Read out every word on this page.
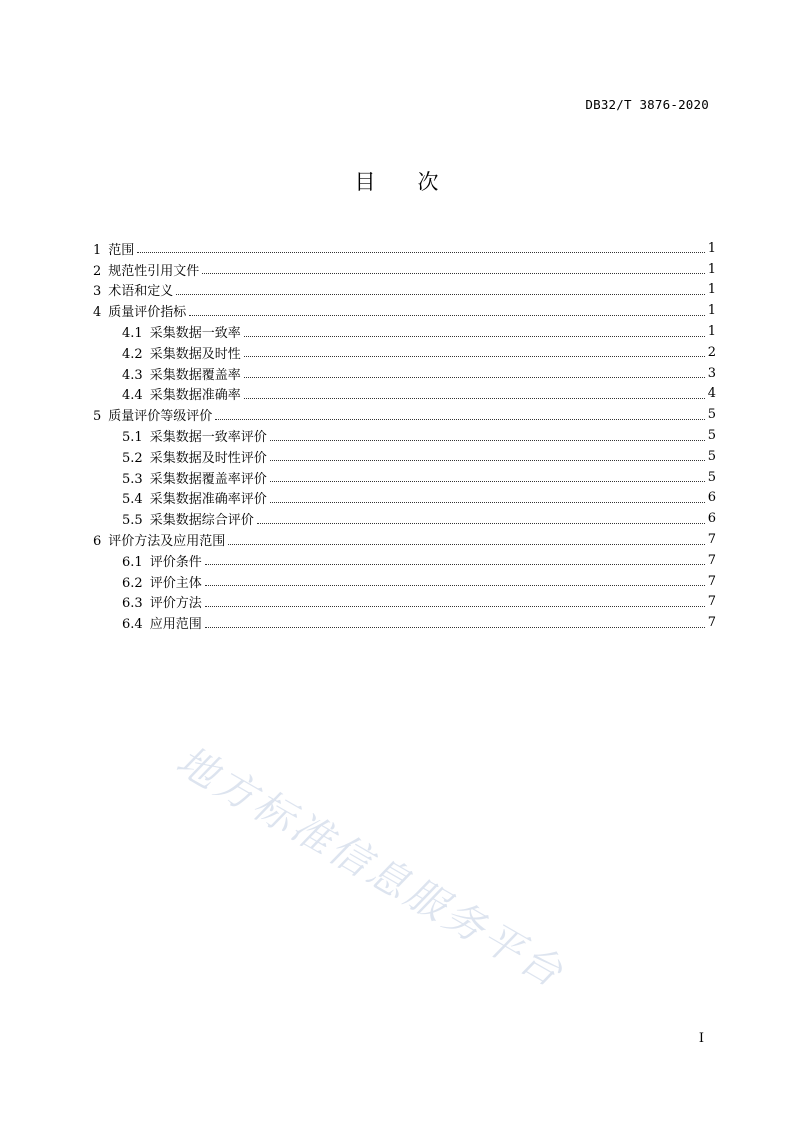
DB32/T 3876-2020
目次
1 范围	1
2 规范性引用文件	1
3 术语和定义	1
4 质量评价指标	1
4.1 采集数据一致率	1
4.2 采集数据及时性	2
4.3 采集数据覆盖率	3
4.4 采集数据准确率	4
5 质量评价等级评价	5
5.1 采集数据一致率评价	5
5.2 采集数据及时性评价	5
5.3 采集数据覆盖率评价	5
5.4 采集数据准确率评价	6
5.5 采集数据综合评价	6
6 评价方法及应用范围	7
6.1 评价条件	7
6.2 评价主体	7
6.3 评价方法	7
6.4 应用范围	7
地方标准信息服务平台
I
